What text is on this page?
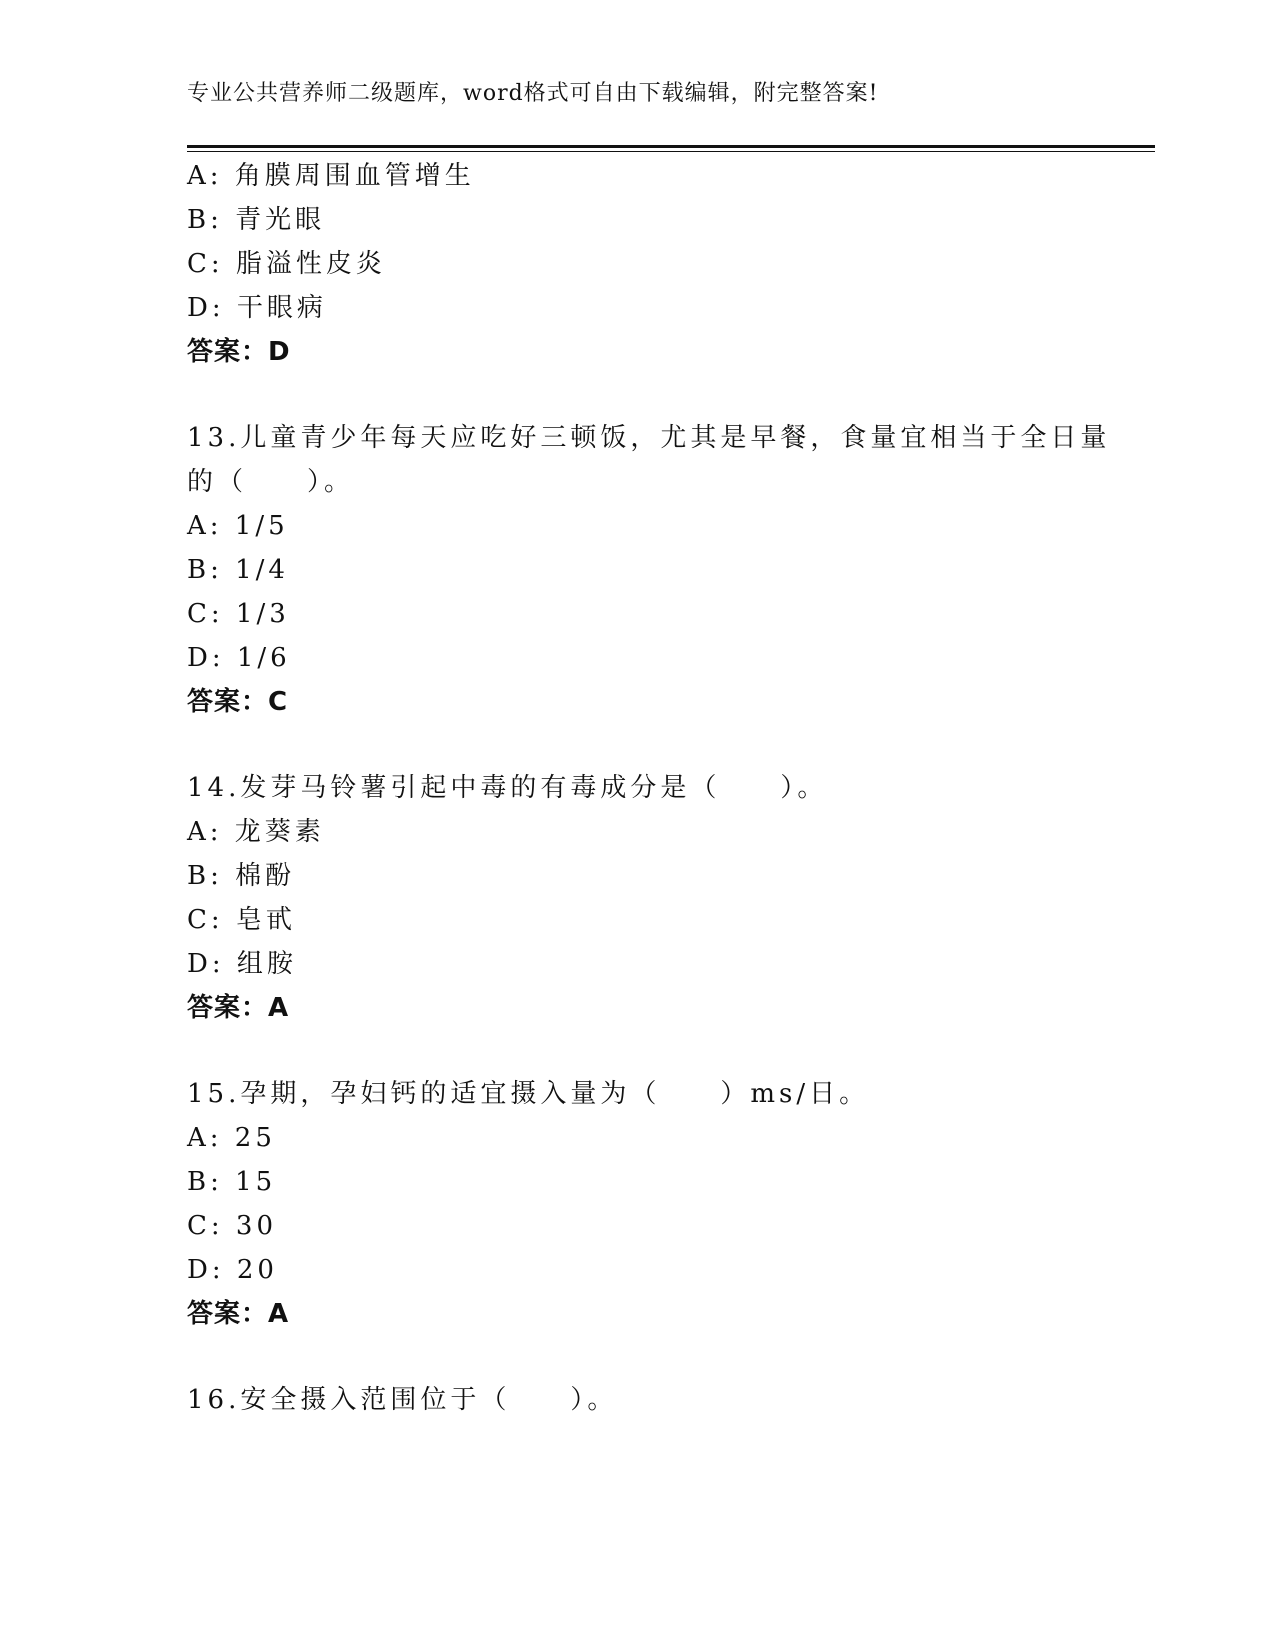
专业公共营养师二级题库，word格式可自由下载编辑，附完整答案!
A: 角膜周围血管增生
B: 青光眼
C: 脂溢性皮炎
D: 干眼病
答案：D
13.儿童青少年每天应吃好三顿饭，尤其是早餐，食量宜相当于全日量
的（　　）。
A: 1/5
B: 1/4
C: 1/3
D: 1/6
答案：C
14.发芽马铃薯引起中毒的有毒成分是（　　）。
A: 龙葵素
B: 棉酚
C: 皂甙
D: 组胺
答案：A
15.孕期，孕妇钙的适宜摄入量为（　　）ms/日。
A: 25
B: 15
C: 30
D: 20
答案：A
16.安全摄入范围位于（　　）。
